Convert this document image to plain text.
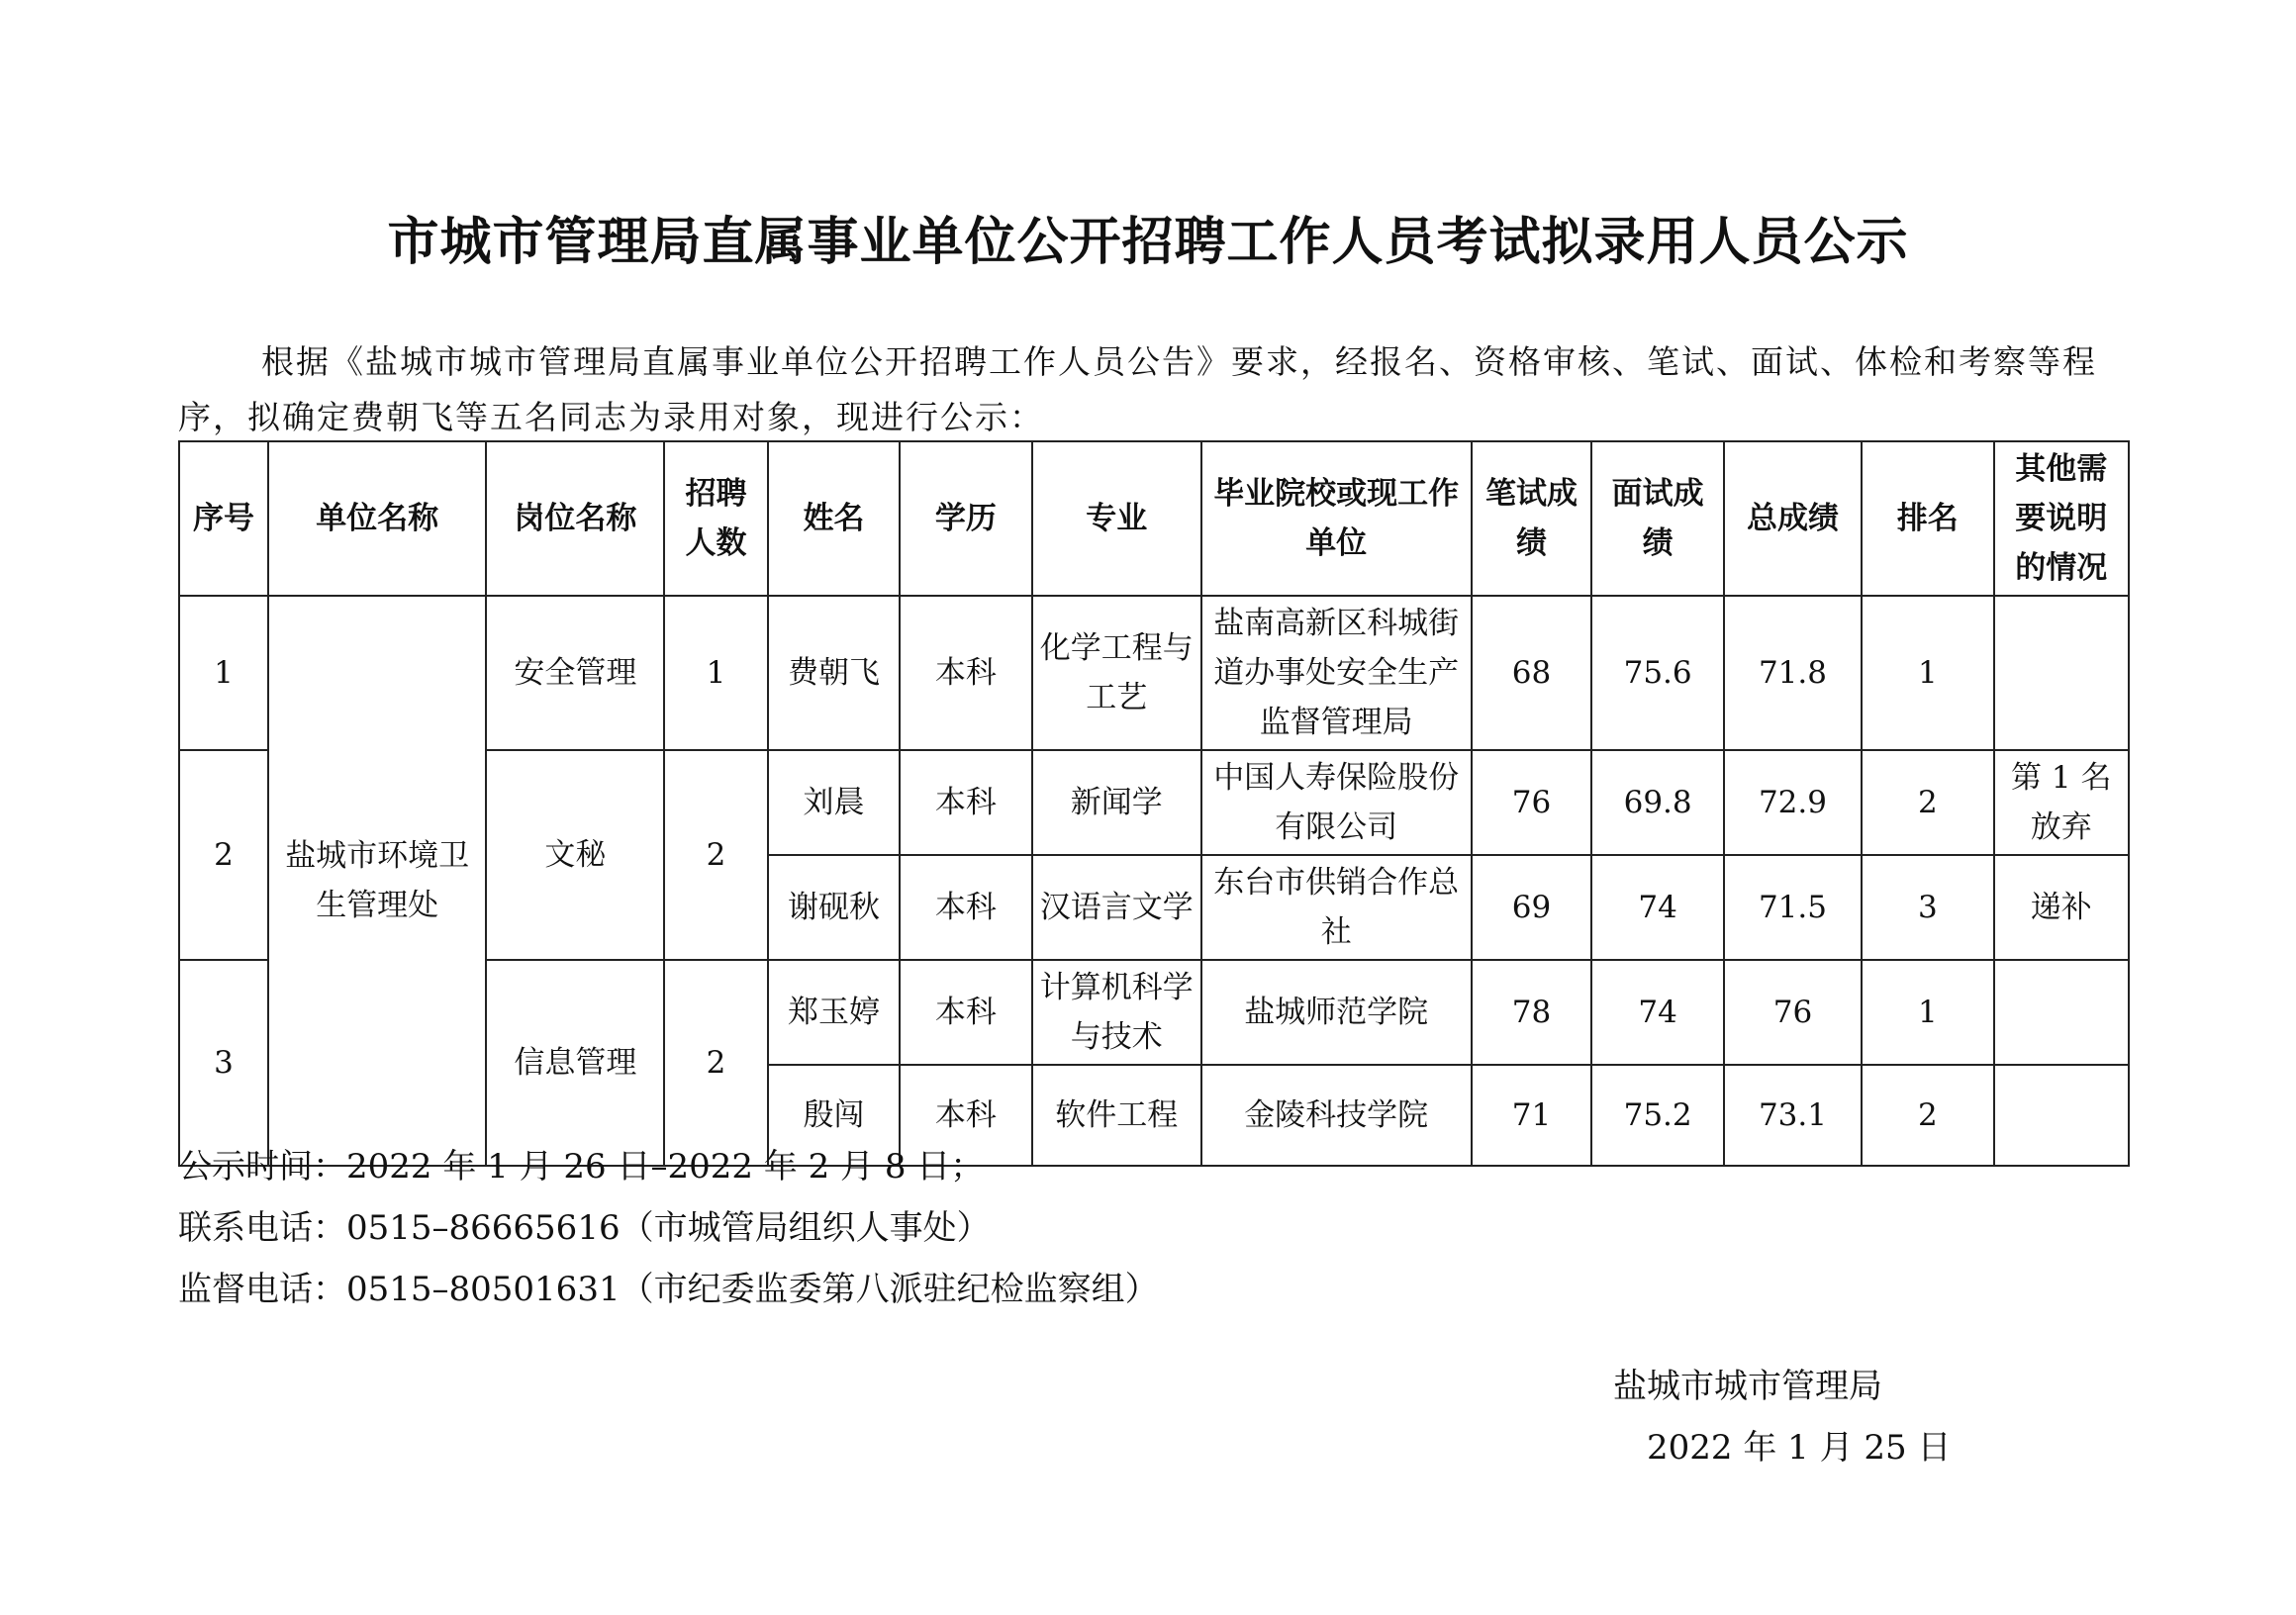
市城市管理局直属事业单位公开招聘工作人员考试拟录用人员公示
根据《盐城市城市管理局直属事业单位公开招聘工作人员公告》要求，经报名、资格审核、笔试、面试、体检和考察等程序，拟确定费朝飞等五名同志为录用对象，现进行公示：
序号	单位名称	岗位名称	招聘人数	姓名	学历	专业	毕业院校或现工作单位	笔试成绩	面试成绩	总成绩	排名	其他需要说明的情况
1	盐城市环境卫生管理处	安全管理	1	费朝飞	本科	化学工程与工艺	盐南高新区科城街道办事处安全生产监督管理局	68	75.6	71.8	1	
2		文秘	2	刘晨	本科	新闻学	中国人寿保险股份有限公司	76	69.8	72.9	2	第 1 名放弃
				谢砚秋	本科	汉语言文学	东台市供销合作总社	69	74	71.5	3	递补
3		信息管理	2	郑玉婷	本科	计算机科学与技术	盐城师范学院	78	74	76	1	
				殷闯	本科	软件工程	金陵科技学院	71	75.2	73.1	2	
公示时间：2022 年 1 月 26 日–2022 年 2 月 8 日；
联系电话：0515–86665616（市城管局组织人事处）
监督电话：0515–80501631（市纪委监委第八派驻纪检监察组）
盐城市城市管理局
2022 年 1 月 25 日
